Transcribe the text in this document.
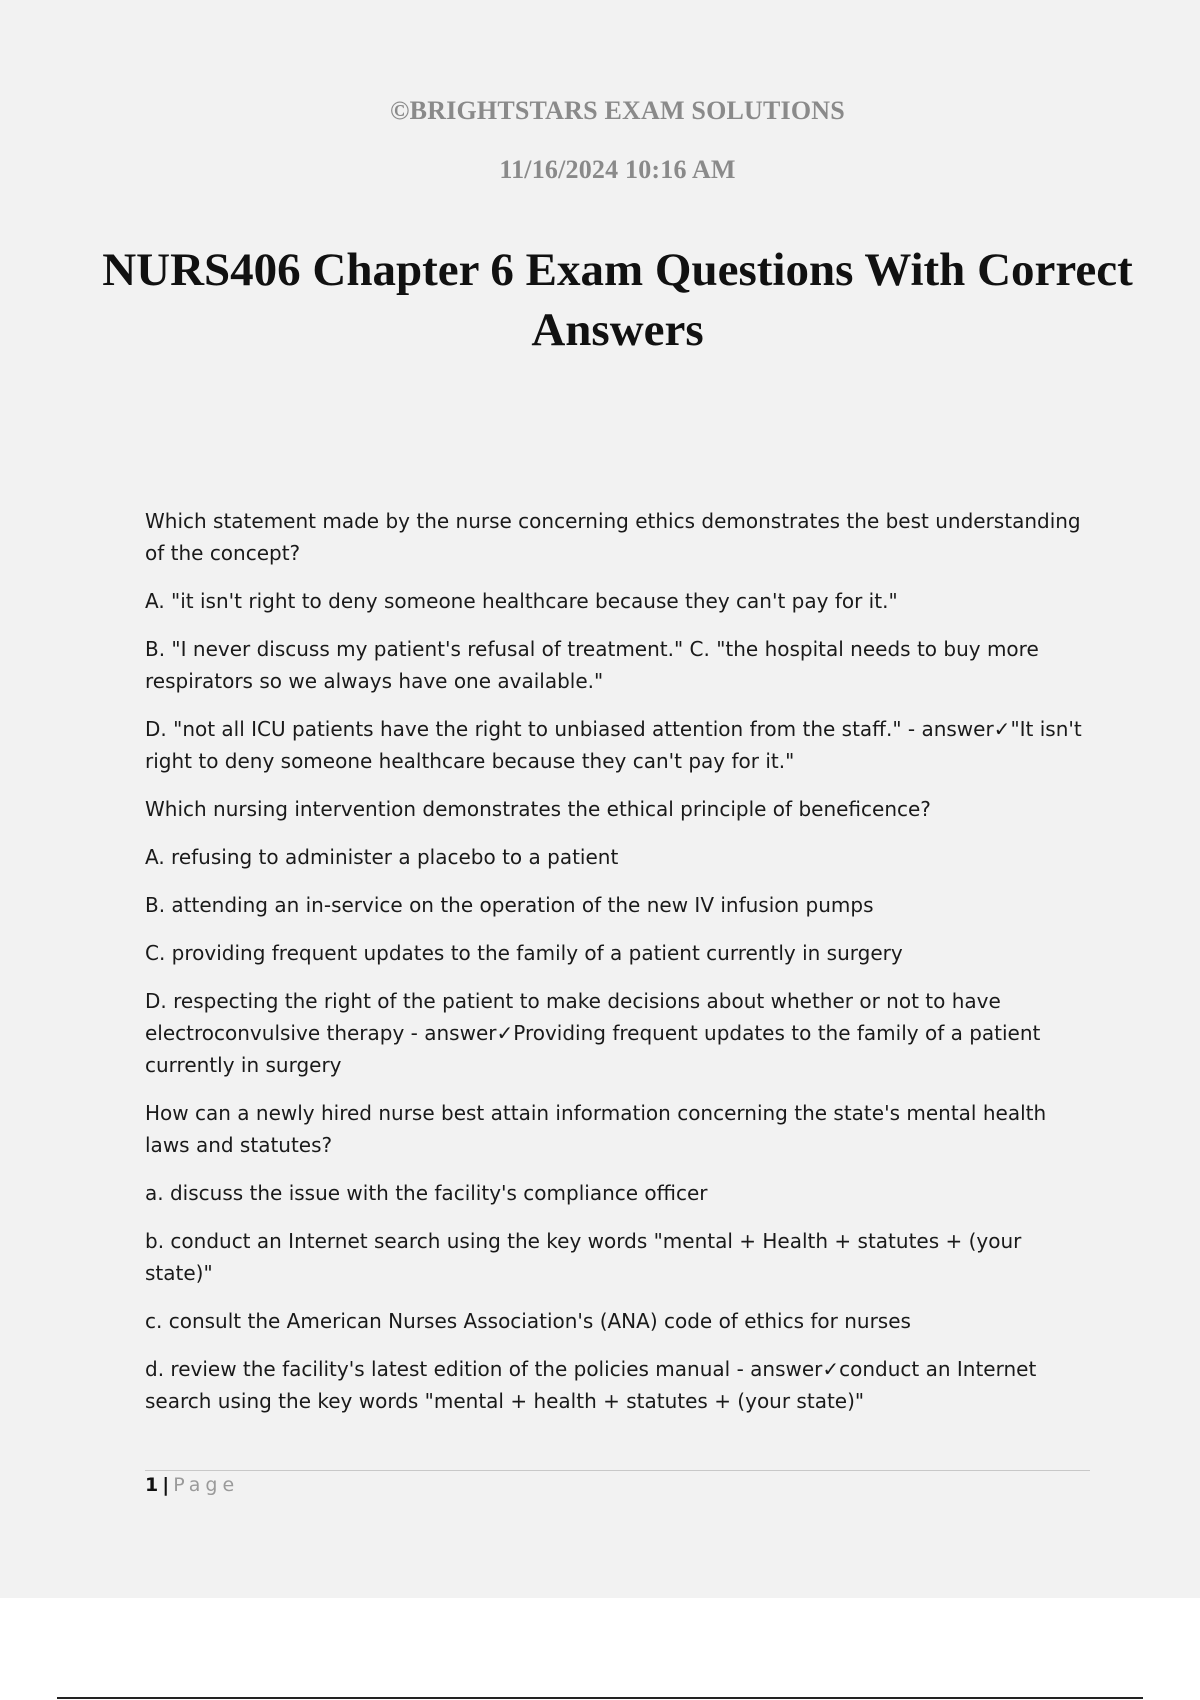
©BRIGHTSTARS EXAM SOLUTIONS
11/16/2024 10:16 AM
NURS406 Chapter 6 Exam Questions With Correct Answers

Which statement made by the nurse concerning ethics demonstrates the best understanding of the concept?

A. "it isn't right to deny someone healthcare because they can't pay for it."

B. "I never discuss my patient's refusal of treatment." C. "the hospital needs to buy more respirators so we always have one available."

D. "not all ICU patients have the right to unbiased attention from the staff." - answer✓"It isn't right to deny someone healthcare because they can't pay for it."

Which nursing intervention demonstrates the ethical principle of beneficence?

A. refusing to administer a placebo to a patient

B. attending an in-service on the operation of the new IV infusion pumps

C. providing frequent updates to the family of a patient currently in surgery

D. respecting the right of the patient to make decisions about whether or not to have electroconvulsive therapy - answer✓Providing frequent updates to the family of a patient currently in surgery

How can a newly hired nurse best attain information concerning the state's mental health laws and statutes?

a. discuss the issue with the facility's compliance officer

b. conduct an Internet search using the key words "mental + Health + statutes + (your state)"

c. consult the American Nurses Association's (ANA) code of ethics for nurses

d. review the facility's latest edition of the policies manual - answer✓conduct an Internet search using the key words "mental + health + statutes + (your state)"

1 | Page
